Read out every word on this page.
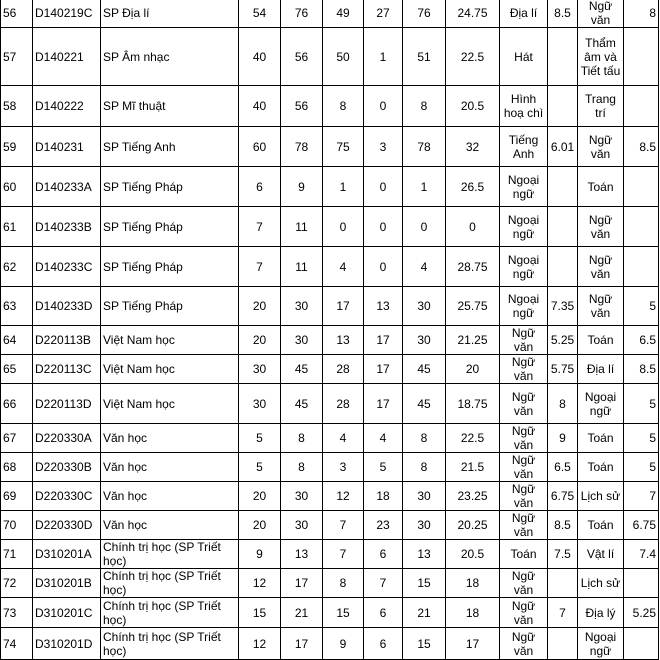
56	D140219C	SP Địa lí	54	76	49	27	76	24.75	Địa lí	8.5	Ngữ văn	8
57	D140221	SP Âm nhạc	40	56	50	1	51	22.5	Hát		Thẩm âm và Tiết tấu	
58	D140222	SP Mĩ thuật	40	56	8	0	8	20.5	Hình hoạ chì		Trang trí	
59	D140231	SP Tiếng Anh	60	78	75	3	78	32	Tiếng Anh	6.01	Ngữ văn	8.5
60	D140233A	SP Tiếng Pháp	6	9	1	0	1	26.5	Ngoại ngữ		Toán	
61	D140233B	SP Tiếng Pháp	7	11	0	0	0	0	Ngoại ngữ		Ngữ văn	
62	D140233C	SP Tiếng Pháp	7	11	4	0	4	28.75	Ngoại ngữ		Ngữ văn	
63	D140233D	SP Tiếng Pháp	20	30	17	13	30	25.75	Ngoại ngữ	7.35	Ngữ văn	5
64	D220113B	Việt Nam học	20	30	13	17	30	21.25	Ngữ văn	5.25	Toán	6.5
65	D220113C	Việt Nam học	30	45	28	17	45	20	Ngữ văn	5.75	Địa lí	8.5
66	D220113D	Việt Nam học	30	45	28	17	45	18.75	Ngữ văn	8	Ngoại ngữ	5
67	D220330A	Văn học	5	8	4	4	8	22.5	Ngữ văn	9	Toán	5
68	D220330B	Văn học	5	8	3	5	8	21.5	Ngữ văn	6.5	Toán	5
69	D220330C	Văn học	20	30	12	18	30	23.25	Ngữ văn	6.75	Lịch sử	7
70	D220330D	Văn học	20	30	7	23	30	20.25	Ngữ văn	8.5	Toán	6.75
71	D310201A	Chính trị học (SP Triết học)	9	13	7	6	13	20.5	Toán	7.5	Vật lí	7.4
72	D310201B	Chính trị học (SP Triết học)	12	17	8	7	15	18	Ngữ văn		Lịch sử	
73	D310201C	Chính trị học (SP Triết học)	15	21	15	6	21	18	Ngữ văn	7	Địa lý	5.25
74	D310201D	Chính trị học (SP Triết học)	12	17	9	6	15	17	Ngữ văn		Ngoại ngữ	
